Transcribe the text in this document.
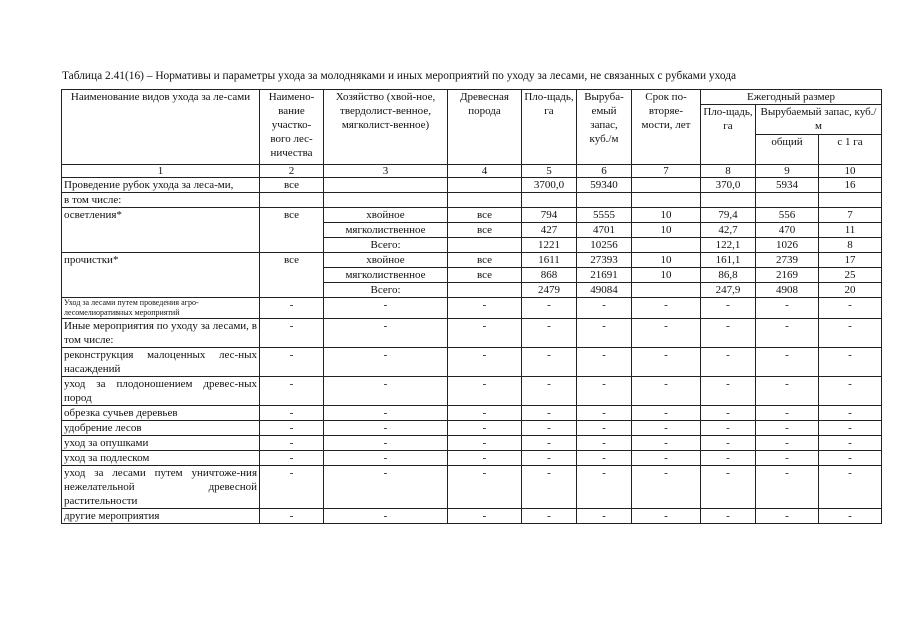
Таблица 2.41(16) – Нормативы и параметры ухода за молодняками и иных мероприятий по уходу за лесами, не связанных с рубками ухода
Наименование видов ухода за ле-сами	Наимено-вание участко-вого лес-ничества	Хозяйство (хвой-ное, твердолист-венное, мягколист-венное)	Древесная порода	Пло-щадь, га	Выруба-емый запас, куб./м	Срок по-вторяе-мости, лет	Ежегодный размер		
							Пло-щадь, га	Вырубаемый запас, куб./м	
								общий	с 1 га
1	2	3	4	5	6	7	8	9	10
Проведение рубок ухода за леса-ми,	все			3700,0	59340		370,0	5934	16
в том числе:									
осветления*	все	хвойное	все	794	5555	10	79,4	556	7
		мягколиственное	все	427	4701	10	42,7	470	11
		Всего:		1221	10256		122,1	1026	8
прочистки*	все	хвойное	все	1611	27393	10	161,1	2739	17
		мягколиственное	все	868	21691	10	86,8	2169	25
		Всего:		2479	49084		247,9	4908	20
Уход за лесами путем проведения агро-лесомелиоративных мероприятий	-	-	-	-	-	-	-	-	-
Иные мероприятия по уходу за лесами, в том числе:	-	-	-	-	-	-	-	-	-
реконструкция малоценных лес-ных насаждений	-	-	-	-	-	-	-	-	-
уход за плодоношением древес-ных пород	-	-	-	-	-	-	-	-	-
обрезка сучьев деревьев	-	-	-	-	-	-	-	-	-
удобрение лесов	-	-	-	-	-	-	-	-	-
уход за опушками	-	-	-	-	-	-	-	-	-
уход за подлеском	-	-	-	-	-	-	-	-	-
уход за лесами путем уничтоже-ния нежелательной древесной растительности	-	-	-	-	-	-	-	-	-
другие мероприятия	-	-	-	-	-	-	-	-	-
